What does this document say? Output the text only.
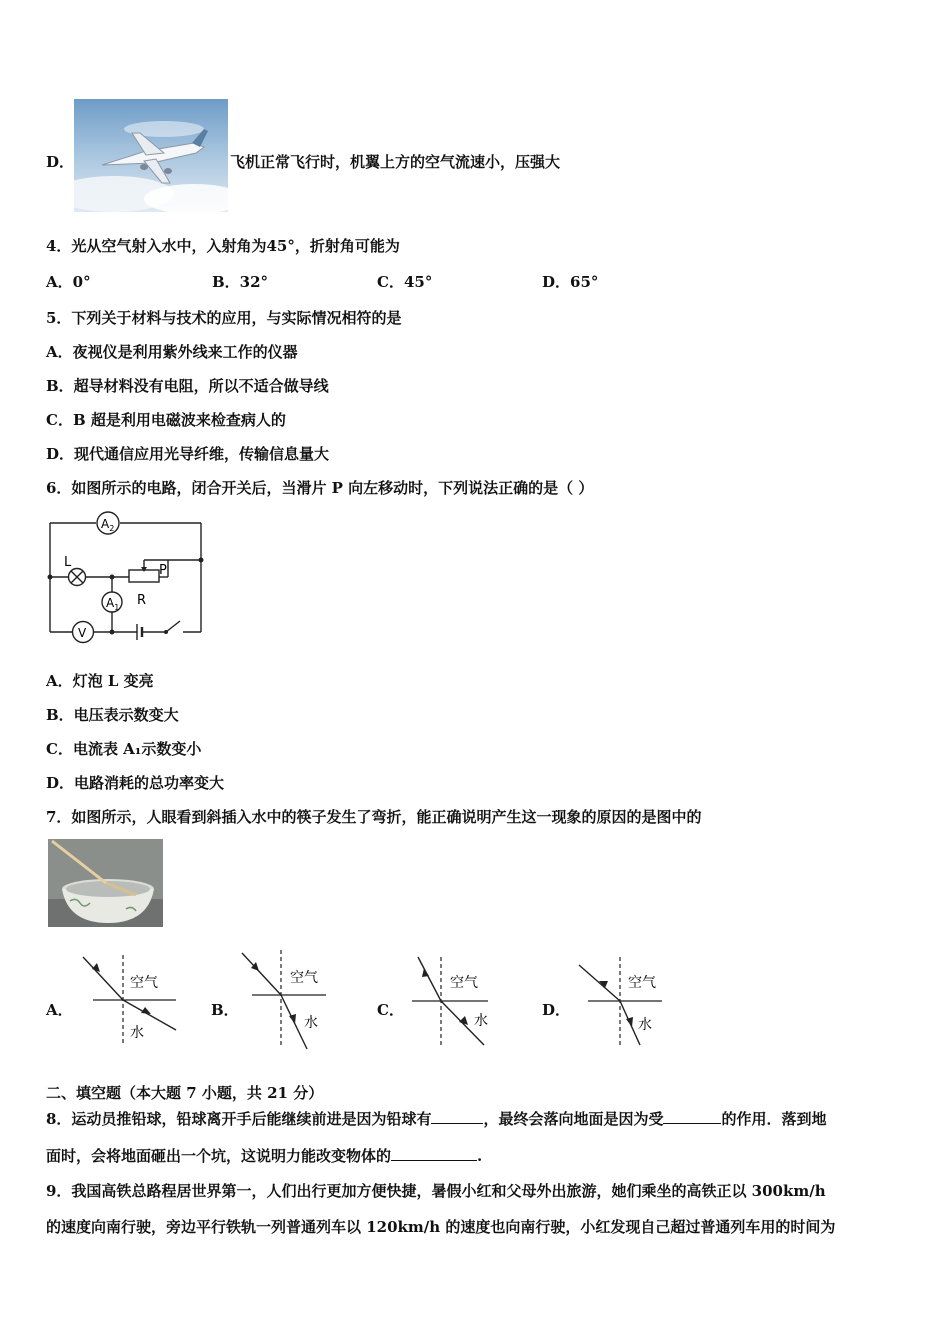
D．	飞机正常飞行时，机翼上方的空气流速小，压强大
4．光从空气射入水中，入射角为45°，折射角可能为
A．0°	B．32°	C．45°	D．65°
5．下列关于材料与技术的应用，与实际情况相符的是
A．夜视仪是利用紫外线来工作的仪器
B．超导材料没有电阻，所以不适合做导线
C．B 超是利用电磁波来检查病人的
D．现代通信应用光导纤维，传输信息量大
6．如图所示的电路，闭合开关后，当滑片 P 向左移动时，下列说法正确的是（ ）
$A_2$
$A_1$
L
P
R
V
A．灯泡 L 变亮
B．电压表示数变大
C．电流表 A₁示数变小
D．电路消耗的总功率变大
7．如图所示，人眼看到斜插入水中的筷子发生了弯折，能正确说明产生这一现象的原因的是图中的
A．
空气
水
B．
空气
水
C．
空气
水
D．
空气
水
二、填空题（本大题 7 小题，共 21 分）
8．运动员推铅球，铅球离开手后能继续前进是因为铅球有	，最终会落向地面是因为受	的作用．落到地
面时，会将地面砸出一个坑，这说明力能改变物体的	.
9．我国高铁总路程居世界第一，人们出行更加方便快捷，暑假小红和父母外出旅游，她们乘坐的高铁正以 300km/h
的速度向南行驶，旁边平行铁轨一列普通列车以 120km/h 的速度也向南行驶，小红发现自己超过普通列车用的时间为
